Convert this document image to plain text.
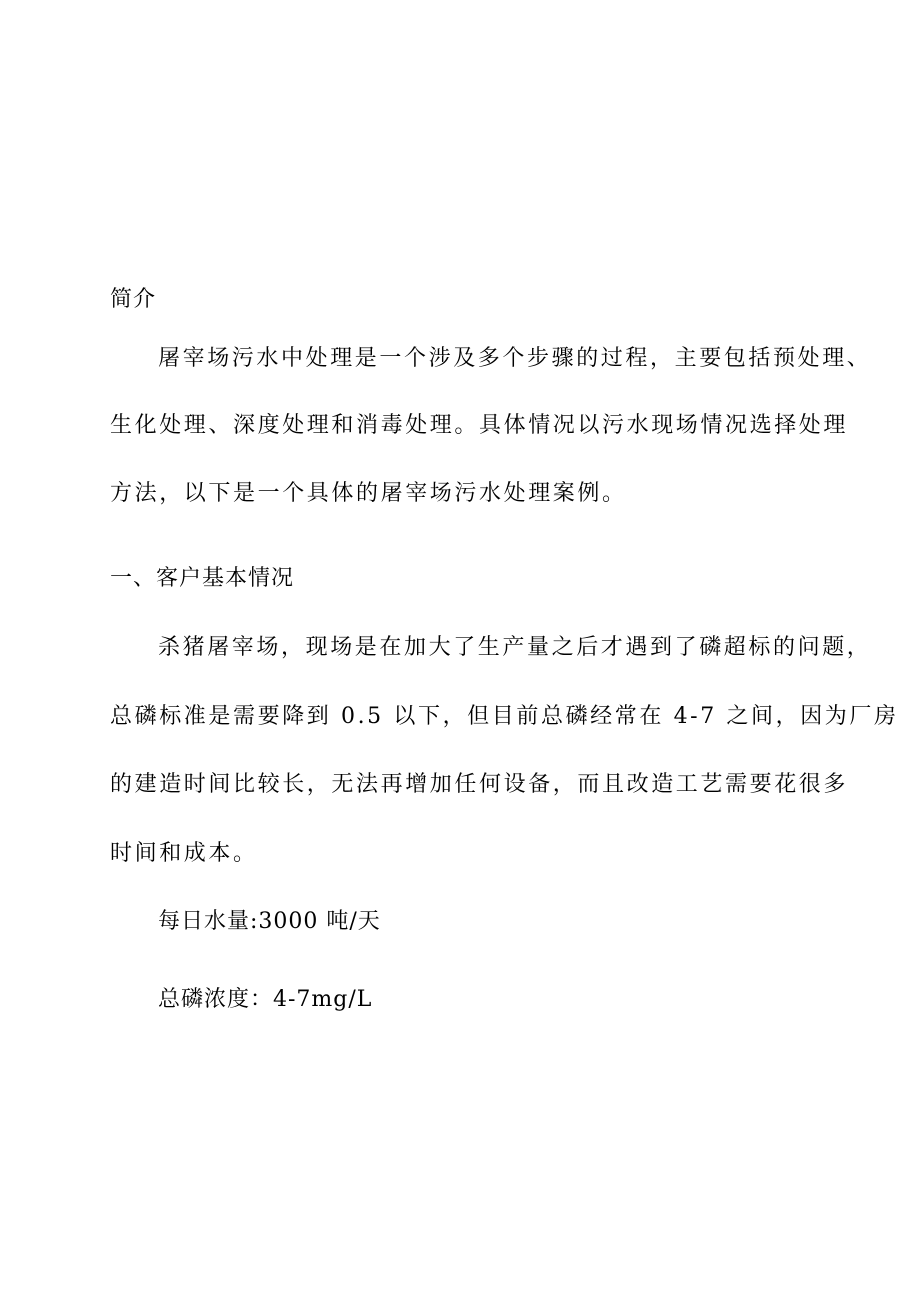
简介
屠宰场污水中处理是一个涉及多个步骤的过程，主要包括预处理、
生化处理、深度处理和消毒处理。具体情况以污水现场情况选择处理
方法，以下是一个具体的屠宰场污水处理案例。
一、客户基本情况
杀猪屠宰场，现场是在加大了生产量之后才遇到了磷超标的问题，
总磷标准是需要降到 0.5 以下，但目前总磷经常在 4-7 之间，因为厂房
的建造时间比较长，无法再增加任何设备，而且改造工艺需要花很多
时间和成本。
每日水量:3000 吨/天
总磷浓度：4-7mg/L
